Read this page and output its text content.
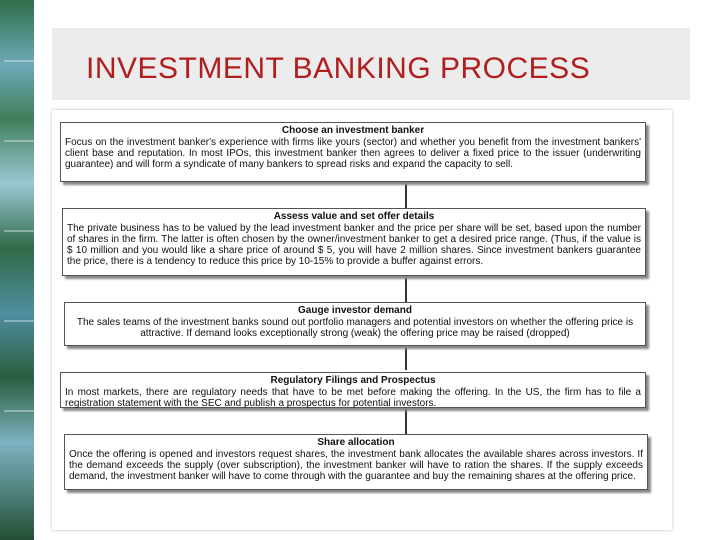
INVESTMENT BANKING PROCESS
Choose an investment banker
Focus on the investment banker's experience with firms like yours (sector) and whether you benefit from the investment bankers' client base and reputation. In most IPOs, this investment banker then agrees to deliver a fixed price to the issuer (underwriting guarantee) and will form a syndicate of many bankers to spread risks and expand the capacity to sell.
Assess value and set offer details
The private business has to be valued by the lead investment banker and the price per share will be set, based upon the number of shares in the firm. The latter is often chosen by the owner/investment banker to get a desired price range. (Thus, if the value is $ 10 million and you would like a share price of around $ 5, you will have 2 million shares. Since investment bankers guarantee the price, there is a tendency to reduce this price by 10-15% to provide a buffer against errors.
Gauge investor demand
The sales teams of the investment banks sound out portfolio managers and potential investors on whether the offering price is attractive. If demand looks exceptionally strong (weak) the offering price may be raised (dropped)
Regulatory Filings and Prospectus
In most markets, there are regulatory needs that have to be met before making the offering. In the US, the firm has to file a registration statement with the SEC and publish a prospectus for potential investors.
Share allocation
Once the offering is opened and investors request shares, the investment bank allocates the available shares across investors. If the demand exceeds the supply (over subscription), the investment banker will have to ration the shares. If the supply exceeds demand, the investment banker will have to come through with the guarantee and buy the remaining shares at the offering price.
